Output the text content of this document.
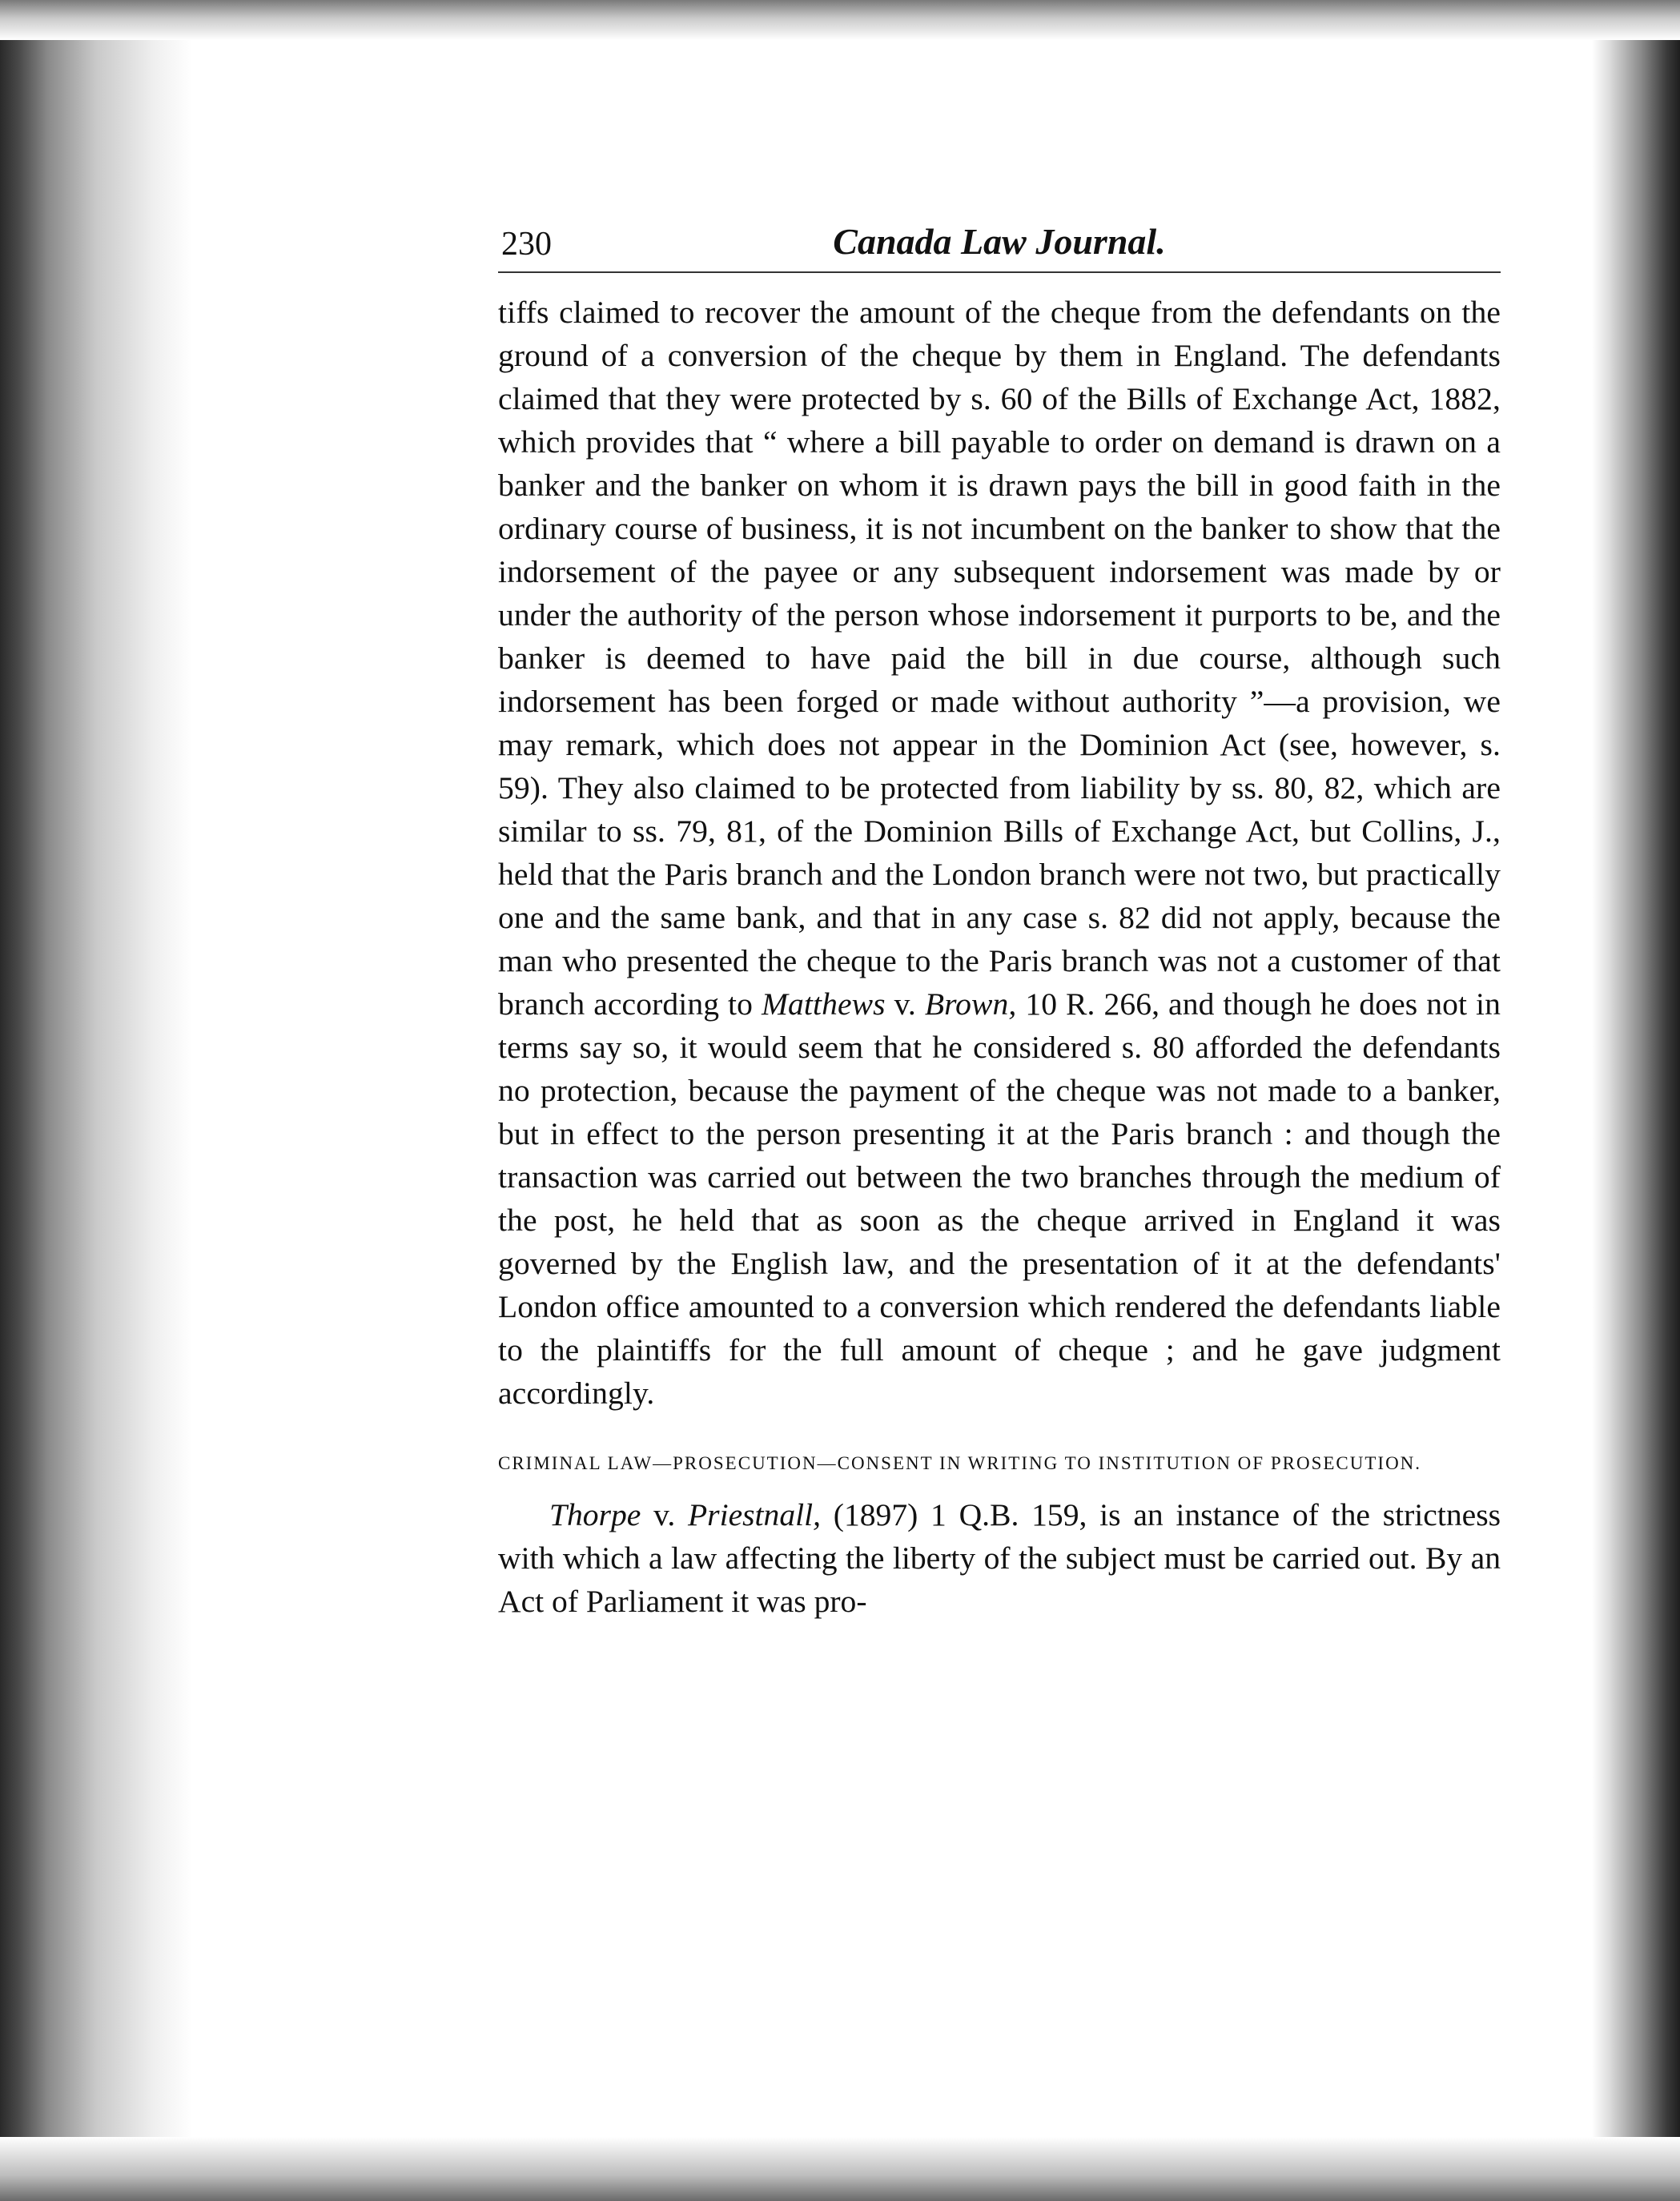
230	Canada Law Journal.

tiffs claimed to recover the amount of the cheque from the defendants on the ground of a conversion of the cheque by them in England. The defendants claimed that they were protected by s. 60 of the Bills of Exchange Act, 1882, which provides that “ where a bill payable to order on demand is drawn on a banker and the banker on whom it is drawn pays the bill in good faith in the ordinary course of business, it is not incumbent on the banker to show that the indorsement of the payee or any subsequent indorsement was made by or under the authority of the person whose indorsement it purports to be, and the banker is deemed to have paid the bill in due course, although such indorsement has been forged or made without authority ”—a provision, we may remark, which does not appear in the Dominion Act (see, however, s. 59). They also claimed to be protected from liability by ss. 80, 82, which are similar to ss. 79, 81, of the Dominion Bills of Exchange Act, but Collins, J., held that the Paris branch and the London branch were not two, but practically one and the same bank, and that in any case s. 82 did not apply, because the man who presented the cheque to the Paris branch was not a customer of that branch according to Matthews v. Brown, 10 R. 266, and though he does not in terms say so, it would seem that he considered s. 80 afforded the defendants no protection, because the payment of the cheque was not made to a banker, but in effect to the person presenting it at the Paris branch : and though the transaction was carried out between the two branches through the medium of the post, he held that as soon as the cheque arrived in England it was governed by the English law, and the presentation of it at the defendants' London office amounted to a conversion which rendered the defendants liable to the plaintiffs for the full amount of cheque ; and he gave judgment accordingly.

CRIMINAL LAW—PROSECUTION—CONSENT IN WRITING TO INSTITUTION OF PROSECUTION.
Thorpe v. Priestnall, (1897) 1 Q.B. 159, is an instance of the strictness with which a law affecting the liberty of the subject must be carried out. By an Act of Parliament it was pro-
